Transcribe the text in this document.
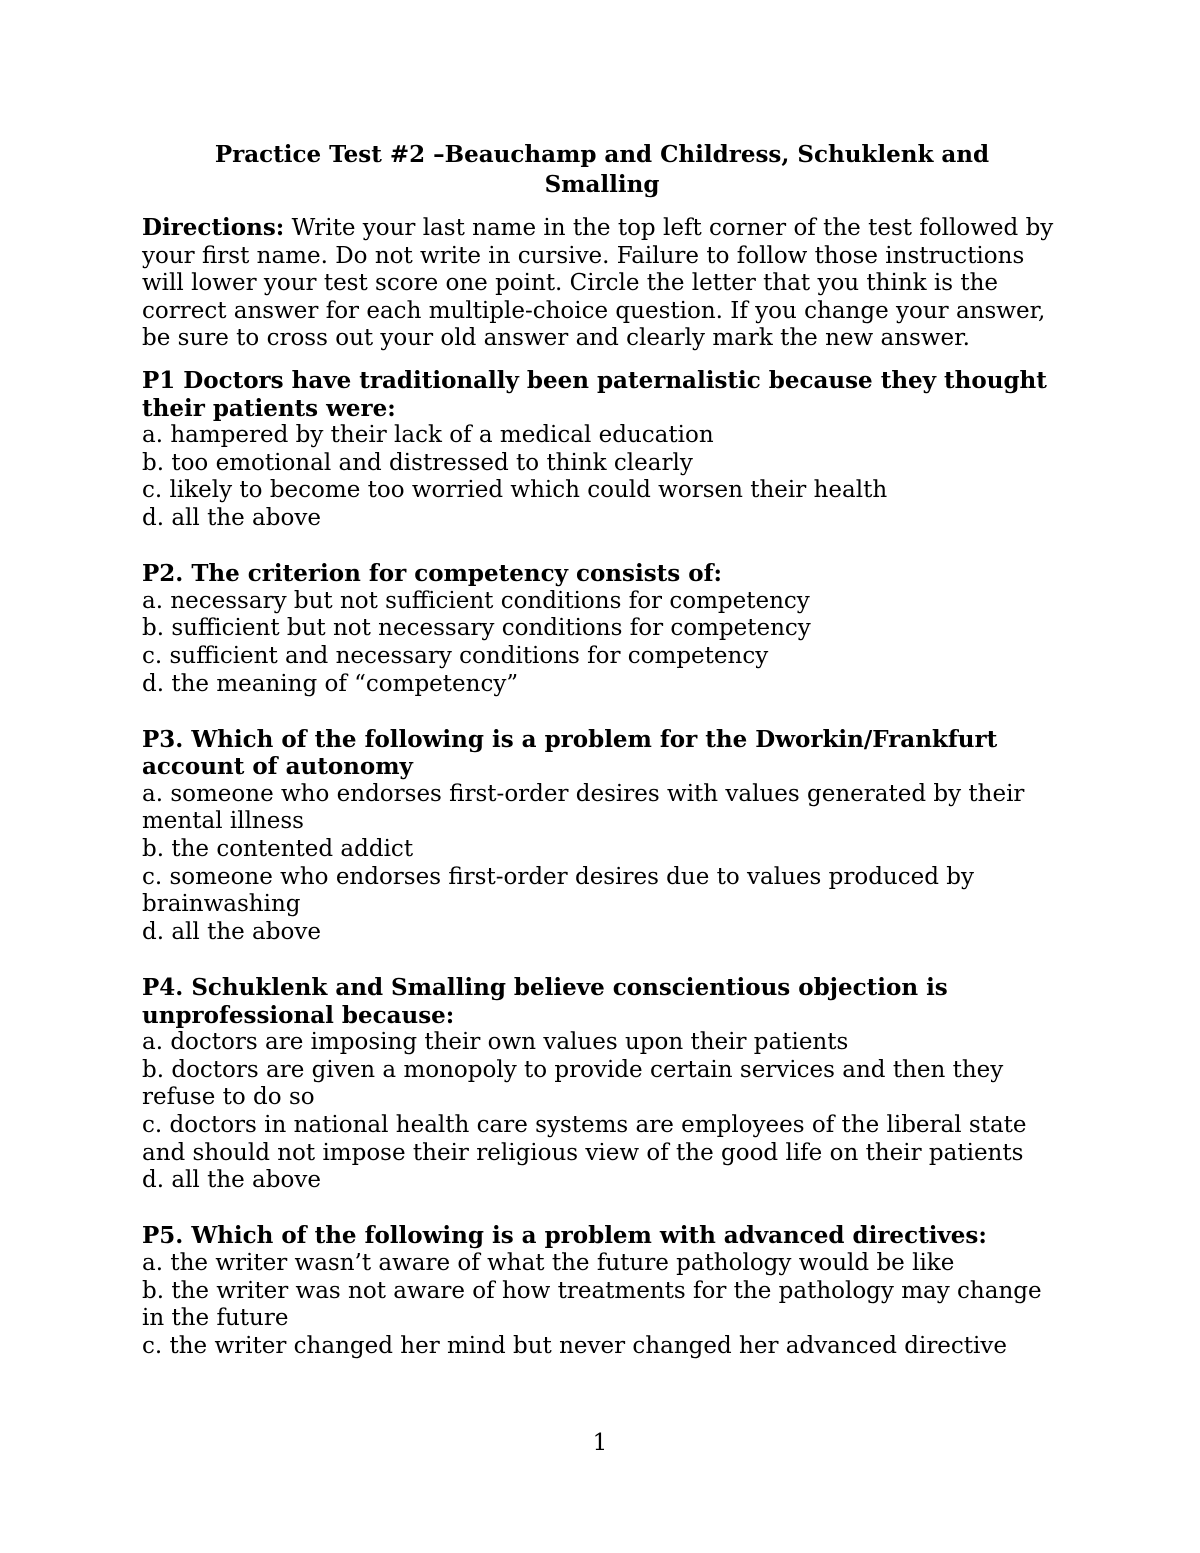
Practice Test #2 –Beauchamp and Childress, Schuklenk and
Smalling

Directions: Write your last name in the top left corner of the test followed by your first name. Do not write in cursive. Failure to follow those instructions will lower your test score one point. Circle the letter that you think is the correct answer for each multiple-choice question. If you change your answer, be sure to cross out your old answer and clearly mark the new answer.

P1 Doctors have traditionally been paternalistic because they thought their patients were:
a. hampered by their lack of a medical education
b. too emotional and distressed to think clearly
c. likely to become too worried which could worsen their health
d. all the above
P2. The criterion for competency consists of:
a. necessary but not sufficient conditions for competency
b. sufficient but not necessary conditions for competency
c. sufficient and necessary conditions for competency
d. the meaning of “competency”
P3. Which of the following is a problem for the Dworkin/Frankfurt account of autonomy
a. someone who endorses first-order desires with values generated by their mental illness
b. the contented addict
c. someone who endorses first-order desires due to values produced by brainwashing
d. all the above
P4. Schuklenk and Smalling believe conscientious objection is unprofessional because:
a. doctors are imposing their own values upon their patients
b. doctors are given a monopoly to provide certain services and then they refuse to do so
c. doctors in national health care systems are employees of the liberal state and should not impose their religious view of the good life on their patients
d. all the above
P5. Which of the following is a problem with advanced directives:
a. the writer wasn’t aware of what the future pathology would be like
b. the writer was not aware of how treatments for the pathology may change in the future
c. the writer changed her mind but never changed her advanced directive
1
